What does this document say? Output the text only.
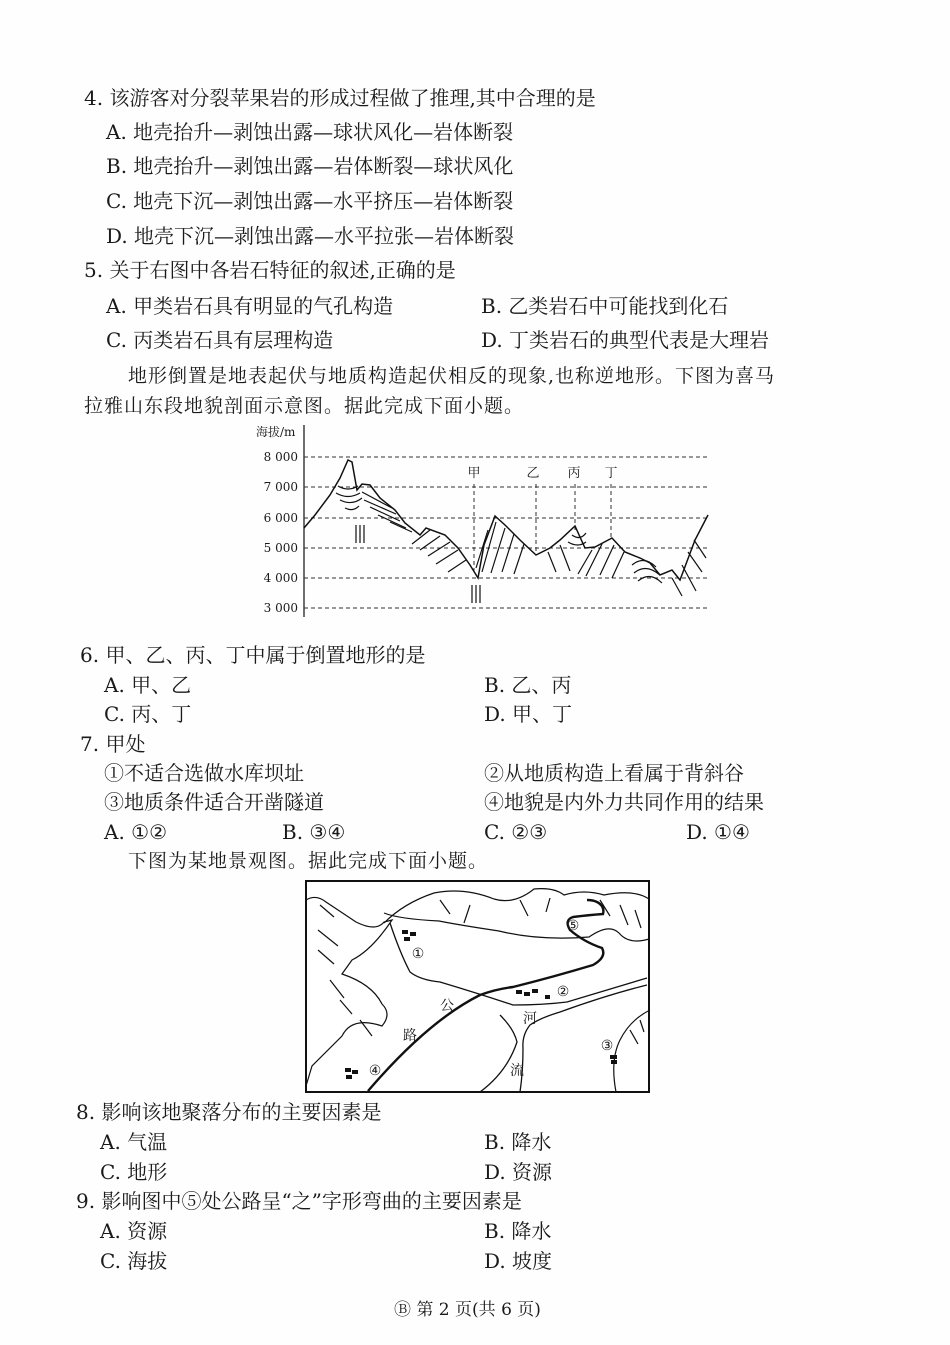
4. 该游客对分裂苹果岩的形成过程做了推理,其中合理的是
A. 地壳抬升—剥蚀出露—球状风化—岩体断裂
B. 地壳抬升—剥蚀出露—岩体断裂—球状风化
C. 地壳下沉—剥蚀出露—水平挤压—岩体断裂
D. 地壳下沉—剥蚀出露—水平拉张—岩体断裂
5. 关于右图中各岩石特征的叙述,正确的是
A. 甲类岩石具有明显的气孔构造	B. 乙类岩石中可能找到化石
C. 丙类岩石具有层理构造	D. 丁类岩石的典型代表是大理岩
地形倒置是地表起伏与地质构造起伏相反的现象,也称逆地形。下图为喜马
拉雅山东段地貌剖面示意图。据此完成下面小题。
海拔/m
8 000
7 000
6 000
5 000
4 000
3 000
甲	乙 丙 丁
6. 甲、乙、丙、丁中属于倒置地形的是
A. 甲、乙	B. 乙、丙
C. 丙、丁	D. 甲、丁
7. 甲处
①不适合选做水库坝址	②从地质构造上看属于背斜谷
③地质条件适合开凿隧道	④地貌是内外力共同作用的结果
A. ①②	B. ③④	C. ②③	D. ①④
下图为某地景观图。据此完成下面小题。
①
②
③
④
⑤
公
路
河
流
8. 影响该地聚落分布的主要因素是
A. 气温	B. 降水
C. 地形	D. 资源
9. 影响图中⑤处公路呈“之”字形弯曲的主要因素是
A. 资源	B. 降水
C. 海拔	D. 坡度
Ⓑ 第 2 页(共 6 页)
